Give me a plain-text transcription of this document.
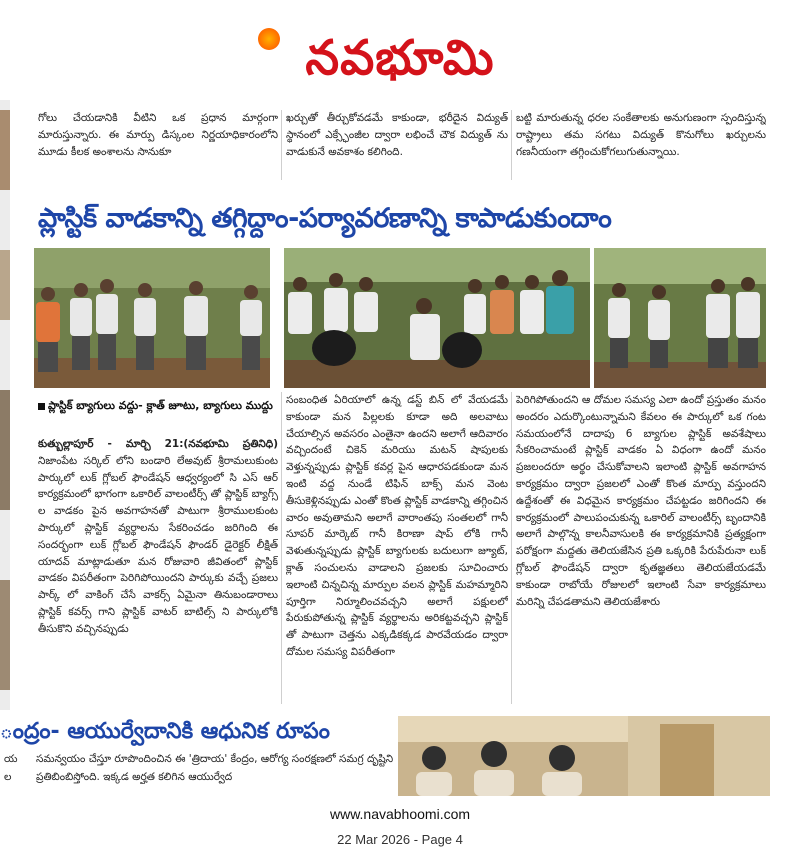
నవభూమి

గోలు చేయడానికి వీటిని ఒక ప్రధాన మార్గంగా మారుస్తున్నారు. ఈ మార్పు డిస్కంల నిర్ణయాధికారంలోని మూడు కీలక అంశాలను సానుకూ

ఖర్చుతో తీర్చుకోవడమే కాకుండా, భరీదైన విద్యుత్ స్థానంలో ఎక్స్ఛేంజీల ద్వారా లభించే చౌక విద్యుత్ ను వాడుకునే అవకాశం కలిగింది.

బట్టి మారుతున్న ధరల సంకేతాలకు అనుగుణంగా స్పందిస్తున్న రాష్ట్రాలు తమ సగటు విద్యుత్ కొనుగోలు ఖర్చులను గణనీయంగా తగ్గించుకోగలుగుతున్నాయి.

ప్లాస్టిక్ వాడకాన్ని తగ్గిద్దాం-పర్యావరణాన్ని కాపాడుకుందాం
ప్లాస్టిక్ బ్యాగులు వద్దు- క్లాత్ జూటు, బ్యాగులు ముద్దు

కుత్బుల్లాపూర్ - మార్చి 21:(నవభూమి ప్రతినిధి) నిజాంపేట సర్కిల్ లోని బండారి లేఅవుట్ శ్రీరామలుకుంట పార్కులో లుక్ గ్లోబల్ ఫౌండేషన్ ఆధ్వర్యంలో సి ఎస్ ఆర్ కార్యక్రమంలో భాగంగా ఒకారిల్ వాలంటీర్స్ తో ప్లాస్టిక్ బ్యాగ్స్ ల వాడకం పైన అవగాహనతో పాటుగా శ్రీరాములకుంట పార్కులో ప్లాస్టిక్ వ్యర్థాలను సేకరించడం జరిగింది ఈ సందర్భంగా లుక్ గ్లోబల్ ఫౌండేషన్ ఫౌండర్ డైరెక్టర్ లీక్షిత్ యాదవ్ మాట్లాడుతూ మన రోజువారి జీవితంలో ప్లాస్టిక్ వాడకం విపరీతంగా పెరిగిపోయిందని పార్కుకు వచ్చే ప్రజలు పార్క్ లో వాకింగ్ చేసే వాకర్స్ ఏమైనా తినుబండారాలు ప్లాస్టిక్ కవర్స్ గాని ప్లాస్టిక్ వాటర్ బాటిల్స్ ని పార్కులోకి తీసుకొని వచ్చినప్పుడు

సంబంధిత ఏరియాలో ఉన్న డస్ట్ బిన్ లో వేయడమే కాకుండా మన పిల్లలకు కూడా అది అలవాటు చేయాల్సిన అవసరం ఎంతైనా ఉందని అలాగే ఆదివారం వచ్చిందంటే చికెన్ మరియు మటన్ షాపులకు వెళ్తున్నప్పుడు ప్లాస్టిక్ కవర్ల పైన ఆధారపడకుండా మన ఇంటి వద్ద నుండే టిఫిన్ బాక్స్ మన వెంట తీసుకెళ్లినప్పుడు ఎంతో కొంత ప్లాస్టిక్ వాడకాన్ని తగ్గించిన వారం అవుతామని అలాగే వారాంతపు సంతలలో గానీ సూపర్ మార్కెట్ గానీ కిరాణా షాప్ లోకి గానీ వెళుతున్నప్పుడు ప్లాస్టిక్ బ్యాగులకు బదులుగా జ్యూట్, క్లాత్ సంచులను వాడాలని ప్రజలకు సూచించారు ఇలాంటి చిన్నచిన్న మార్పుల వలన ప్లాస్టిక్ మహమ్మారిని పూర్తిగా నిర్మూలించవచ్చని అలాగే పక్షులలో పేరుకుపోతున్న ప్లాస్టిక్ వ్యర్థాలను అరికట్టవచ్చని ప్లాస్టిక్ తో పాటుగా చెత్తను ఎక్కడికక్కడ పారవేయడం ద్వారా దోమల సమస్య విపరీతంగా

పెరిగిపోతుందని ఆ దోమల సమస్య ఎలా ఉందో ప్రస్తుతం మనం అందరం ఎదుర్కొంటున్నామని కేవలం ఈ పార్కులో ఒక గంట సమయంలోనే దాదాపు 6 బ్యాగుల ప్లాస్టిక్ అవశేషాలు సేకరించామంటే ప్లాస్టిక్ వాడకం ఏ విధంగా ఉందో మనం ప్రజలందరూ అర్థం చేసుకోవాలని ఇలాంటి ప్లాస్టిక్ అవగాహన కార్యక్రమం ద్వారా ప్రజలలో ఎంతో కొంత మార్పు వస్తుందని ఉద్దేశంతో ఈ విధమైన కార్యక్రమం చేపట్టడం జరిగిందని ఈ కార్యక్రమంలో పాలుపంచుకున్న ఒకారిల్ వాలంటీర్స్ బృందానికి అలాగే పాల్గొన్న కాలనీవాసులకి ఈ కార్యక్రమానికి ప్రత్యక్షంగా పరోక్షంగా మద్దతు తెలియజేసిన ప్రతి ఒక్కరికి పేరుపేరునా లుక్ గ్లోబల్ ఫౌండేషన్ ద్వారా కృతజ్ఞతలు తెలియజేయడమే కాకుండా రాబోయే రోజులలో ఇలాంటి సేవా కార్యక్రమాలు మరిన్ని చేపడతామని తెలియజేశారు

ంద్రం- ఆయుర్వేదానికి ఆధునిక రూపం
య
ల
సమన్వయం చేస్తూ రూపొందించిన ఈ 'త్రిదాయ' కేంద్రం, ఆరోగ్య సంరక్షణలో సమగ్ర దృష్టిని ప్రతిబింబిస్తోంది. ఇక్కడ అర్హత కలిగిన ఆయుర్వేద
www.navabhoomi.com
22 Mar 2026 - Page 4
